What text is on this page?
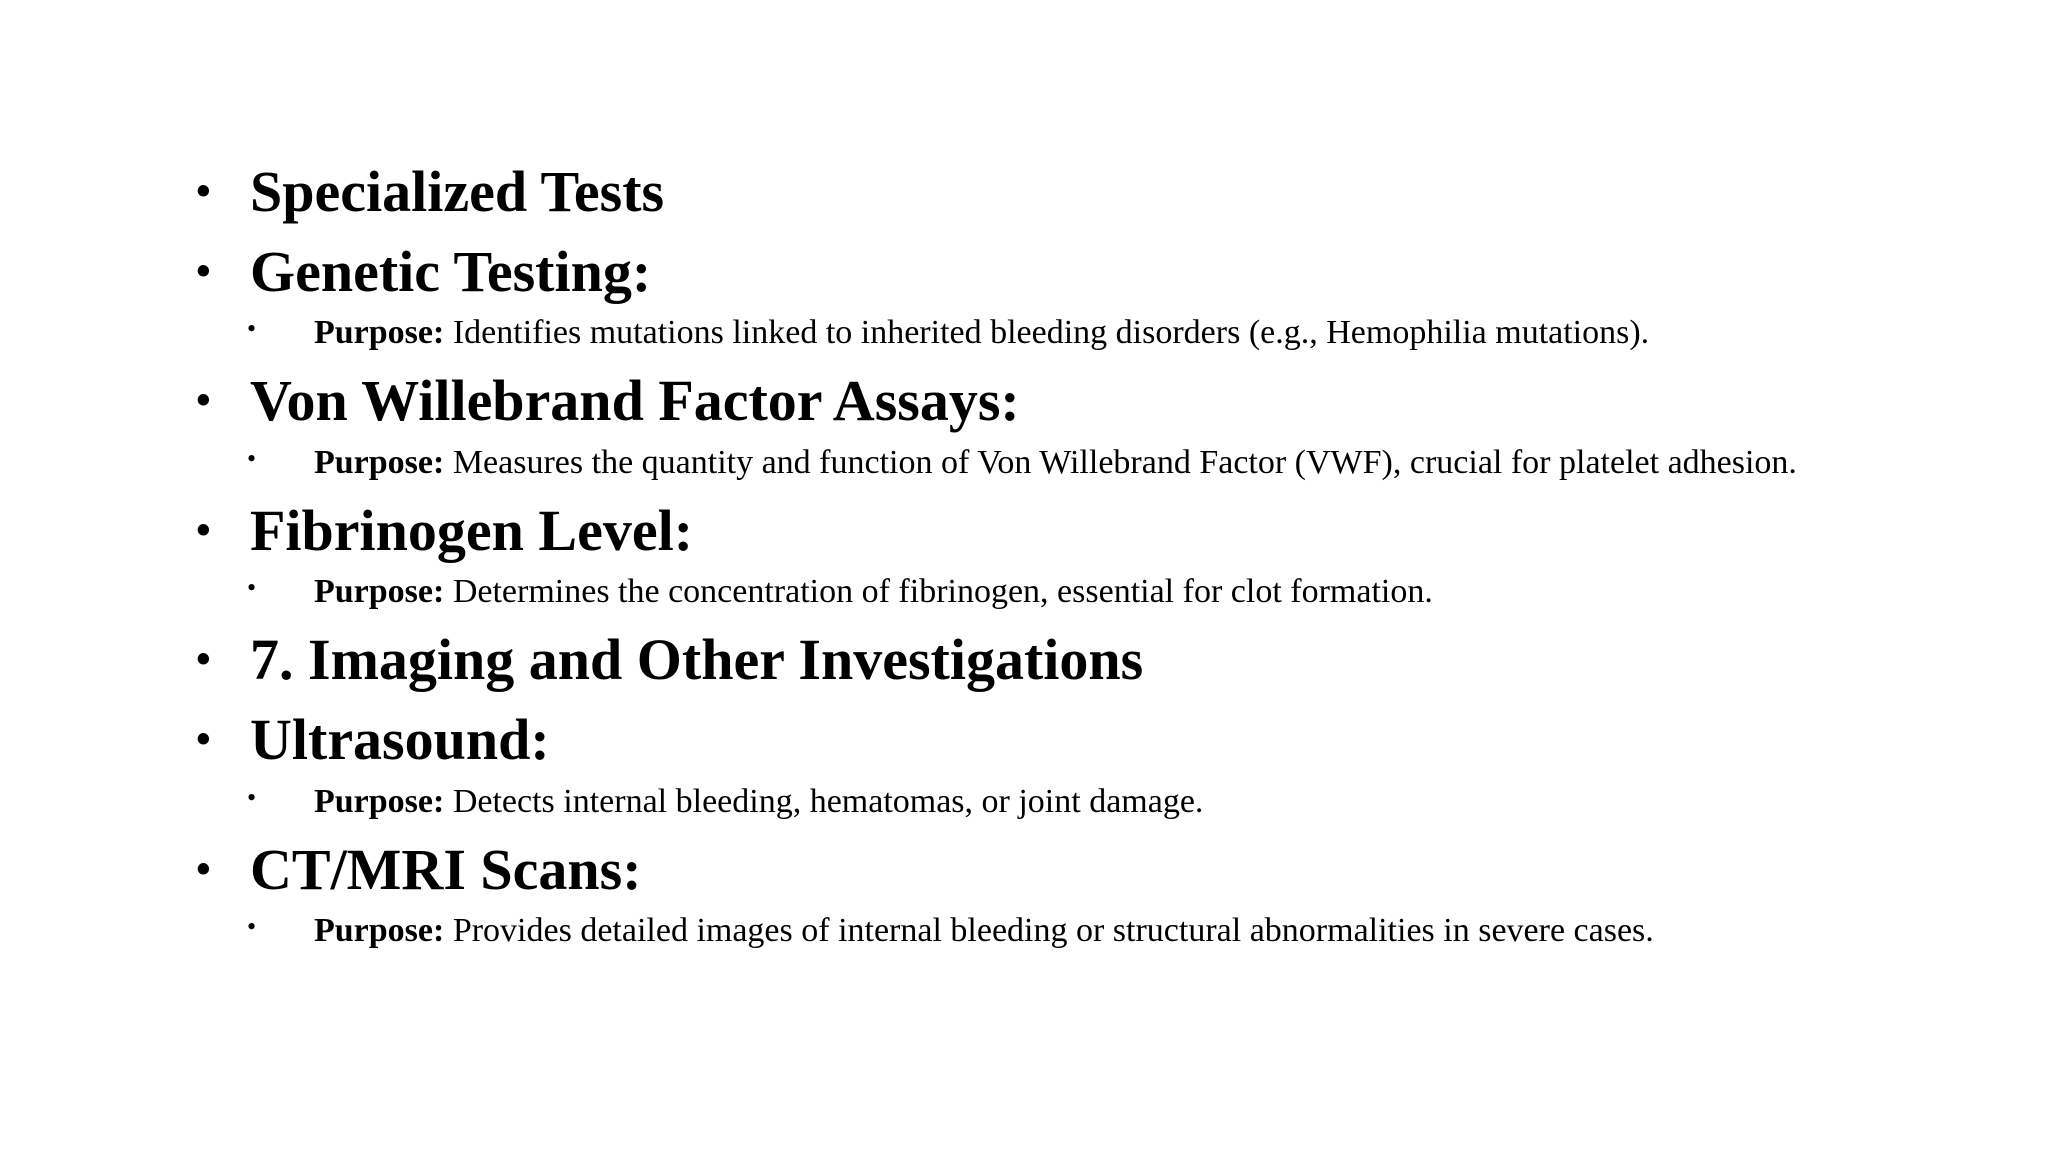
• Specialized Tests
• Genetic Testing:
• Purpose: Identifies mutations linked to inherited bleeding disorders (e.g., Hemophilia mutations).
• Von Willebrand Factor Assays:
• Purpose: Measures the quantity and function of Von Willebrand Factor (VWF), crucial for platelet adhesion.
• Fibrinogen Level:
• Purpose: Determines the concentration of fibrinogen, essential for clot formation.
• 7. Imaging and Other Investigations
• Ultrasound:
• Purpose: Detects internal bleeding, hematomas, or joint damage.
• CT/MRI Scans:
• Purpose: Provides detailed images of internal bleeding or structural abnormalities in severe cases.
